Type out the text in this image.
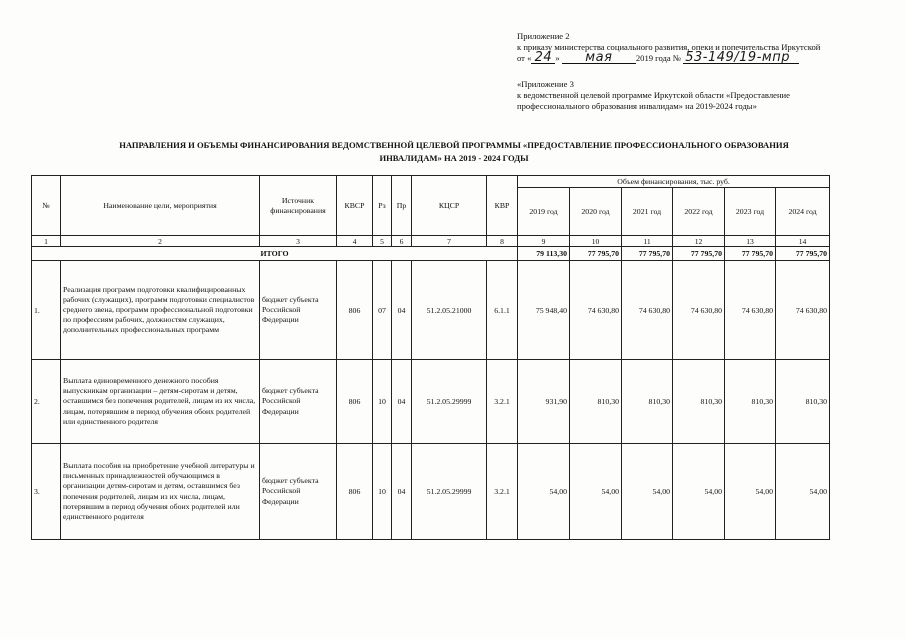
Приложение 2
к приказу министерства социального развития, опеки и попечительства Иркутской
от « 24 » мая	2019 года № 53-149/19-мпр
«Приложение 3
к ведомственной целевой программе Иркутской области «Предоставление
профессионального образования инвалидам» на 2019-2024 годы»
НАПРАВЛЕНИЯ И ОБЪЕМЫ ФИНАНСИРОВАНИЯ ВЕДОМСТВЕННОЙ ЦЕЛЕВОЙ ПРОГРАММЫ «ПРЕДОСТАВЛЕНИЕ ПРОФЕССИОНАЛЬНОГО ОБРАЗОВАНИЯ
ИНВАЛИДАМ» НА 2019 - 2024 ГОДЫ
№	Наименование цели, мероприятия	Источник финансирования	КВСР	Рз	Пр	КЦСР	КВР	Объем финансирования, тыс. руб.					
								2019 год	2020 год	2021 год	2022 год	2023 год	2024 год
1	2	3	4	5	6	7	8	9	10	11	12	13	14
ИТОГО								79 113,30	77 795,70	77 795,70	77 795,70	77 795,70	77 795,70
1.	Реализация программ подготовки квалифицированных рабочих (служащих), программ подготовки специалистов среднего звена, программ профессиональной подготовки по профессиям рабочих, должностям служащих, дополнительных профессиональных программ	бюджет субъекта Российской Федерации	806	07	04	51.2.05.21000	6.1.1	75 948,40	74 630,80	74 630,80	74 630,80	74 630,80	74 630,80
2.	Выплата единовременного денежного пособия выпускникам организации – детям-сиротам и детям, оставшимся без попечения родителей, лицам из их числа, лицам, потерявшим в период обучения обоих родителей или единственного родителя	бюджет субъекта Российской Федерации	806	10	04	51.2.05.29999	3.2.1	931,90	810,30	810,30	810,30	810,30	810,30
3.	Выплата пособия на приобретение учебной литературы и письменных принадлежностей обучающимся в организации детям-сиротам и детям, оставшимся без попечения родителей, лицам из их числа, лицам, потерявшим в период обучения обоих родителей или единственного родителя	бюджет субъекта Российской Федерации	806	10	04	51.2.05.29999	3.2.1	54,00	54,00	54,00	54,00	54,00	54,00
